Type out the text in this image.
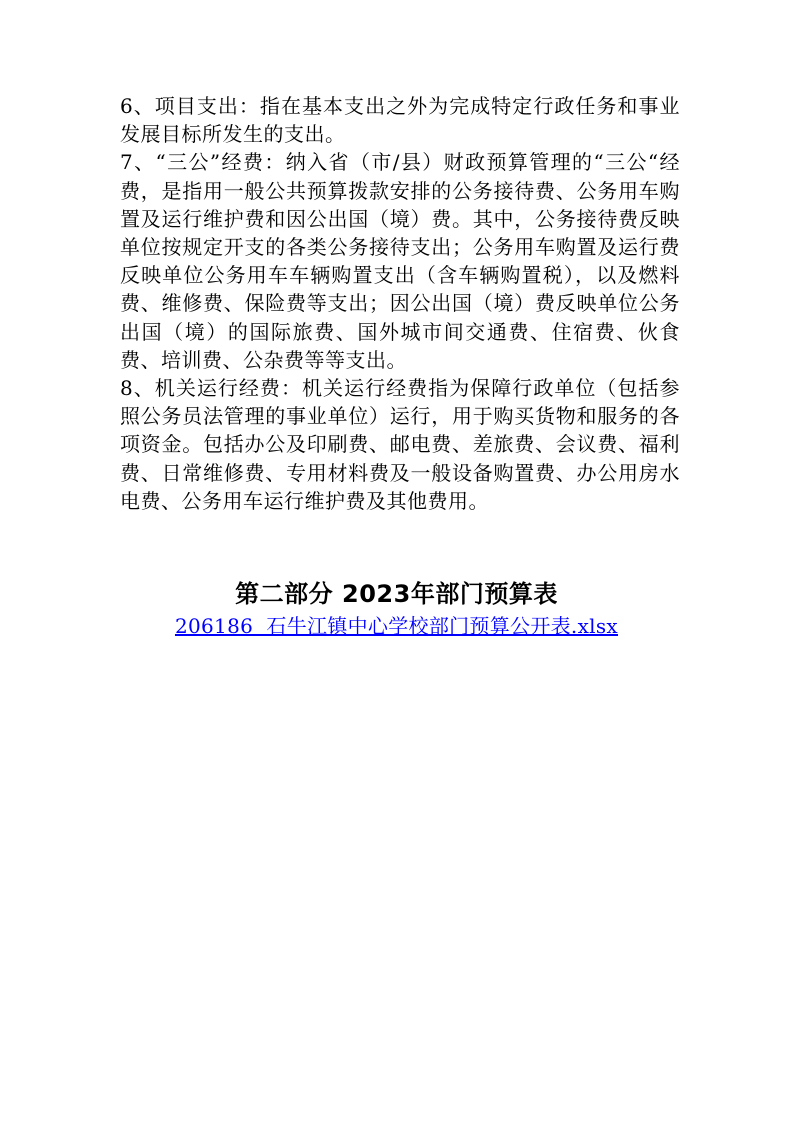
6、项目支出：指在基本支出之外为完成特定行政任务和事业发展目标所发生的支出。

7、“三公”经费：纳入省（市/县）财政预算管理的“三公“经费，是指用一般公共预算拨款安排的公务接待费、公务用车购置及运行维护费和因公出国（境）费。其中，公务接待费反映单位按规定开支的各类公务接待支出；公务用车购置及运行费反映单位公务用车车辆购置支出（含车辆购置税），以及燃料费、维修费、保险费等支出；因公出国（境）费反映单位公务出国（境）的国际旅费、国外城市间交通费、住宿费、伙食费、培训费、公杂费等等支出。

8、机关运行经费：机关运行经费指为保障行政单位（包括参照公务员法管理的事业单位）运行，用于购买货物和服务的各项资金。包括办公及印刷费、邮电费、差旅费、会议费、福利费、日常维修费、专用材料费及一般设备购置费、办公用房水电费、公务用车运行维护费及其他费用。

第二部分 2023年部门预算表
206186  石牛江镇中心学校部门预算公开表.xlsx
